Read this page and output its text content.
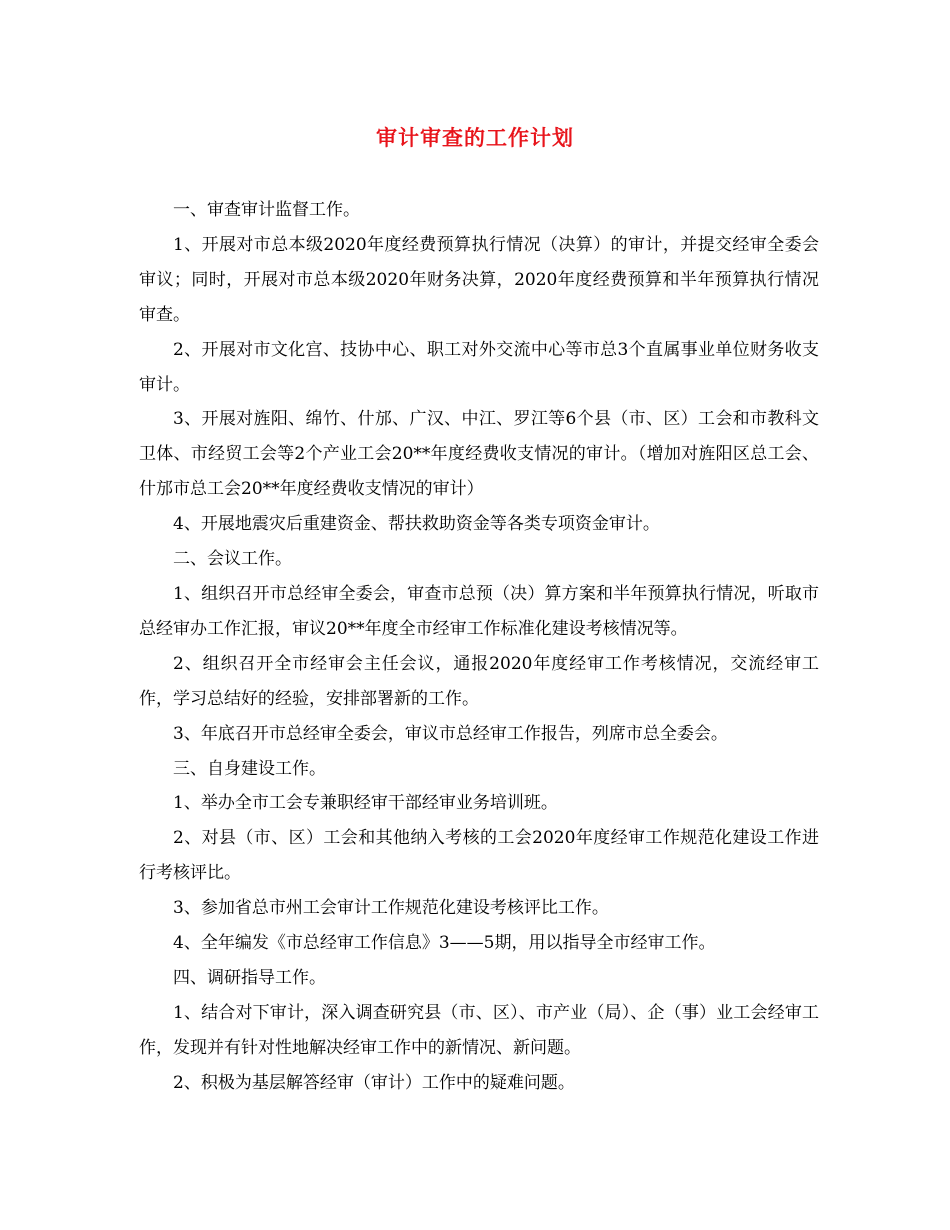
审计审查的工作计划

一、审查审计监督工作。

1、开展对市总本级2020年度经费预算执行情况（决算）的审计，并提交经审全委会审议；同时，开展对市总本级2020年财务决算，2020年度经费预算和半年预算执行情况审查。

2、开展对市文化宫、技协中心、职工对外交流中心等市总3个直属事业单位财务收支审计。

3、开展对旌阳、绵竹、什邡、广汉、中江、罗江等6个县（市、区）工会和市教科文卫体、市经贸工会等2个产业工会20**年度经费收支情况的审计。（增加对旌阳区总工会、什邡市总工会20**年度经费收支情况的审计）

4、开展地震灾后重建资金、帮扶救助资金等各类专项资金审计。

二、会议工作。

1、组织召开市总经审全委会，审查市总预（决）算方案和半年预算执行情况，听取市总经审办工作汇报，审议20**年度全市经审工作标准化建设考核情况等。

2、组织召开全市经审会主任会议，通报2020年度经审工作考核情况，交流经审工作，学习总结好的经验，安排部署新的工作。

3、年底召开市总经审全委会，审议市总经审工作报告，列席市总全委会。

三、自身建设工作。

1、举办全市工会专兼职经审干部经审业务培训班。

2、对县（市、区）工会和其他纳入考核的工会2020年度经审工作规范化建设工作进行考核评比。

3、参加省总市州工会审计工作规范化建设考核评比工作。

4、全年编发《市总经审工作信息》3——5期，用以指导全市经审工作。

四、调研指导工作。

1、结合对下审计，深入调查研究县（市、区）、市产业（局）、企（事）业工会经审工作，发现并有针对性地解决经审工作中的新情况、新问题。

2、积极为基层解答经审（审计）工作中的疑难问题。
